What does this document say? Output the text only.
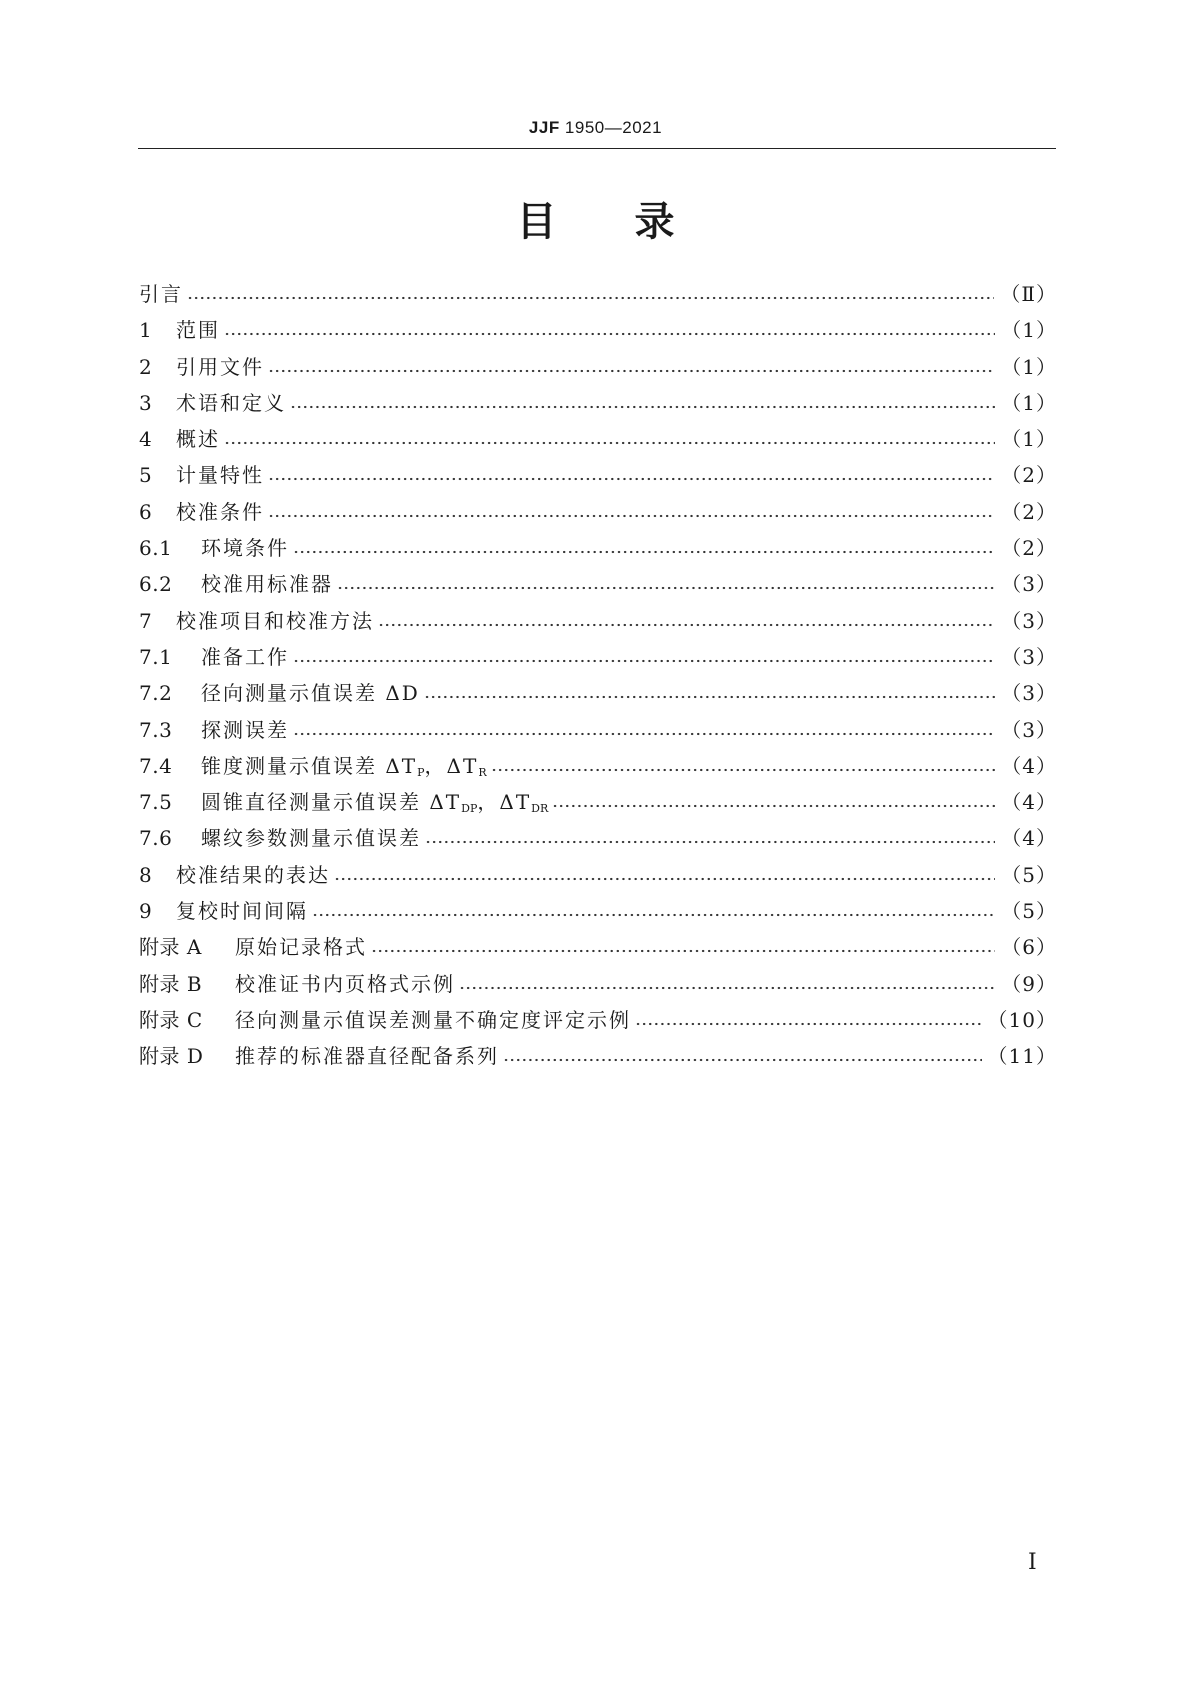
JJF 1950—2021
目 录
引言	（Ⅱ）
1	范围	（1）
2	引用文件	（1）
3	术语和定义	（1）
4	概述	（1）
5	计量特性	（2）
6	校准条件	（2）
6.1	环境条件	（2）
6.2	校准用标准器	（3）
7	校准项目和校准方法	（3）
7.1	准备工作	（3）
7.2	径向测量示值误差 ΔD	（3）
7.3	探测误差	（3）
7.4	锥度测量示值误差 $\Delta T_P$，$\Delta T_R$	（4）
7.5	圆锥直径测量示值误差 $\Delta T_{DP}$，$\Delta T_{DR}$	（4）
7.6	螺纹参数测量示值误差	（4）
8	校准结果的表达	（5）
9	复校时间间隔	（5）
附录 A	原始记录格式	（6）
附录 B	校准证书内页格式示例	（9）
附录 C	径向测量示值误差测量不确定度评定示例	（10）
附录 D	推荐的标准器直径配备系列	（11）
Ⅰ
